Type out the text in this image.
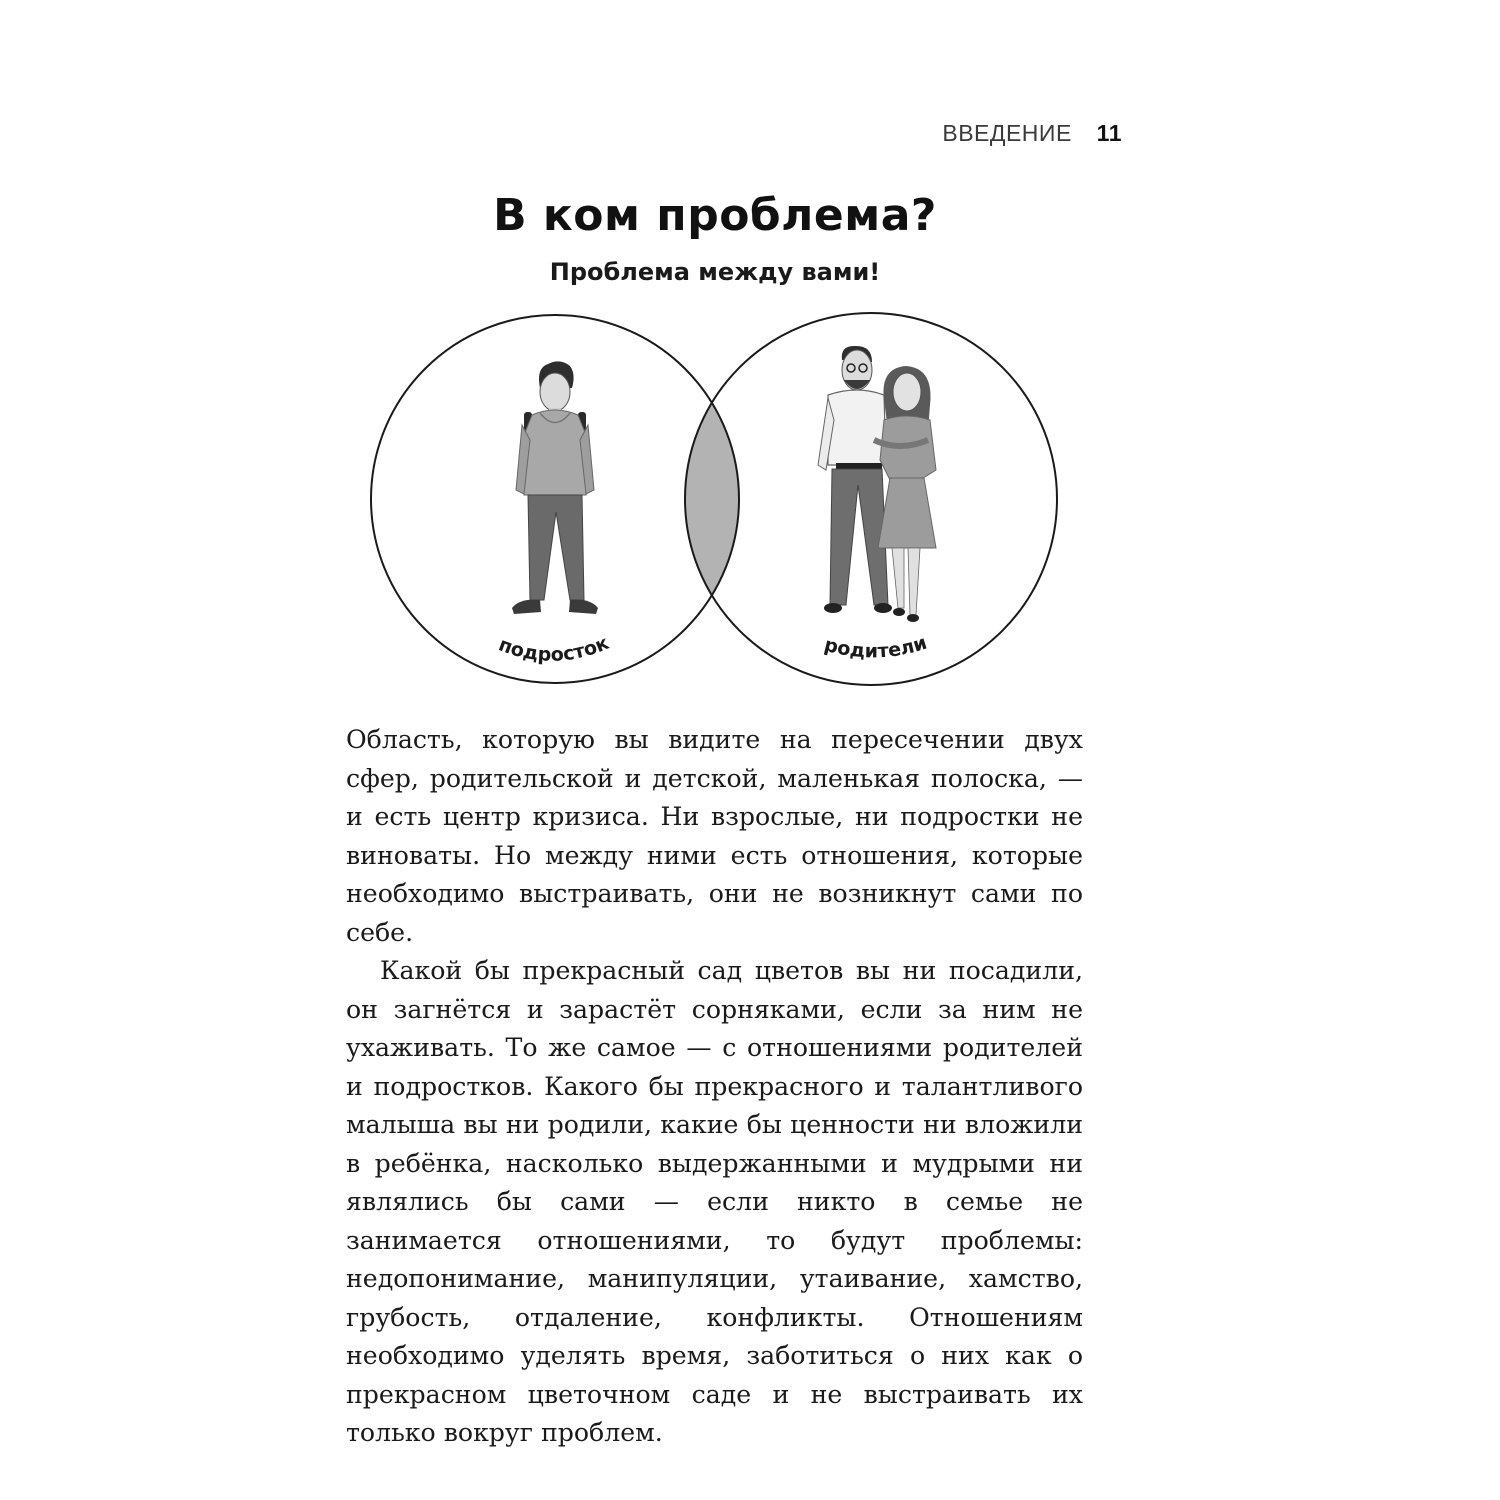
ВВЕДЕНИЕ 11
В ком проблема?
Проблема между вами!
подросток	родители

Область, которую вы видите на пересечении двух сфер, родительской и детской, маленькая полоска, — и есть центр кризиса. Ни взрослые, ни подростки не виноваты. Но между ними есть отношения, которые необходимо выстраивать, они не возникнут сами по себе.

Какой бы прекрасный сад цветов вы ни посадили, он загнётся и зарастёт сорняками, если за ним не ухаживать. То же самое — с отношениями родителей и подростков. Какого бы прекрасного и талантливого малыша вы ни родили, какие бы ценности ни вложили в ребёнка, насколько выдержанными и мудрыми ни являлись бы сами — если никто в семье не занимается отношениями, то будут проблемы: недопонимание, манипуляции, утаивание, хамство, грубость, отдаление, конфликты. Отношениям необходимо уделять время, заботиться о них как о прекрасном цветочном саде и не выстраивать их только вокруг проблем.
